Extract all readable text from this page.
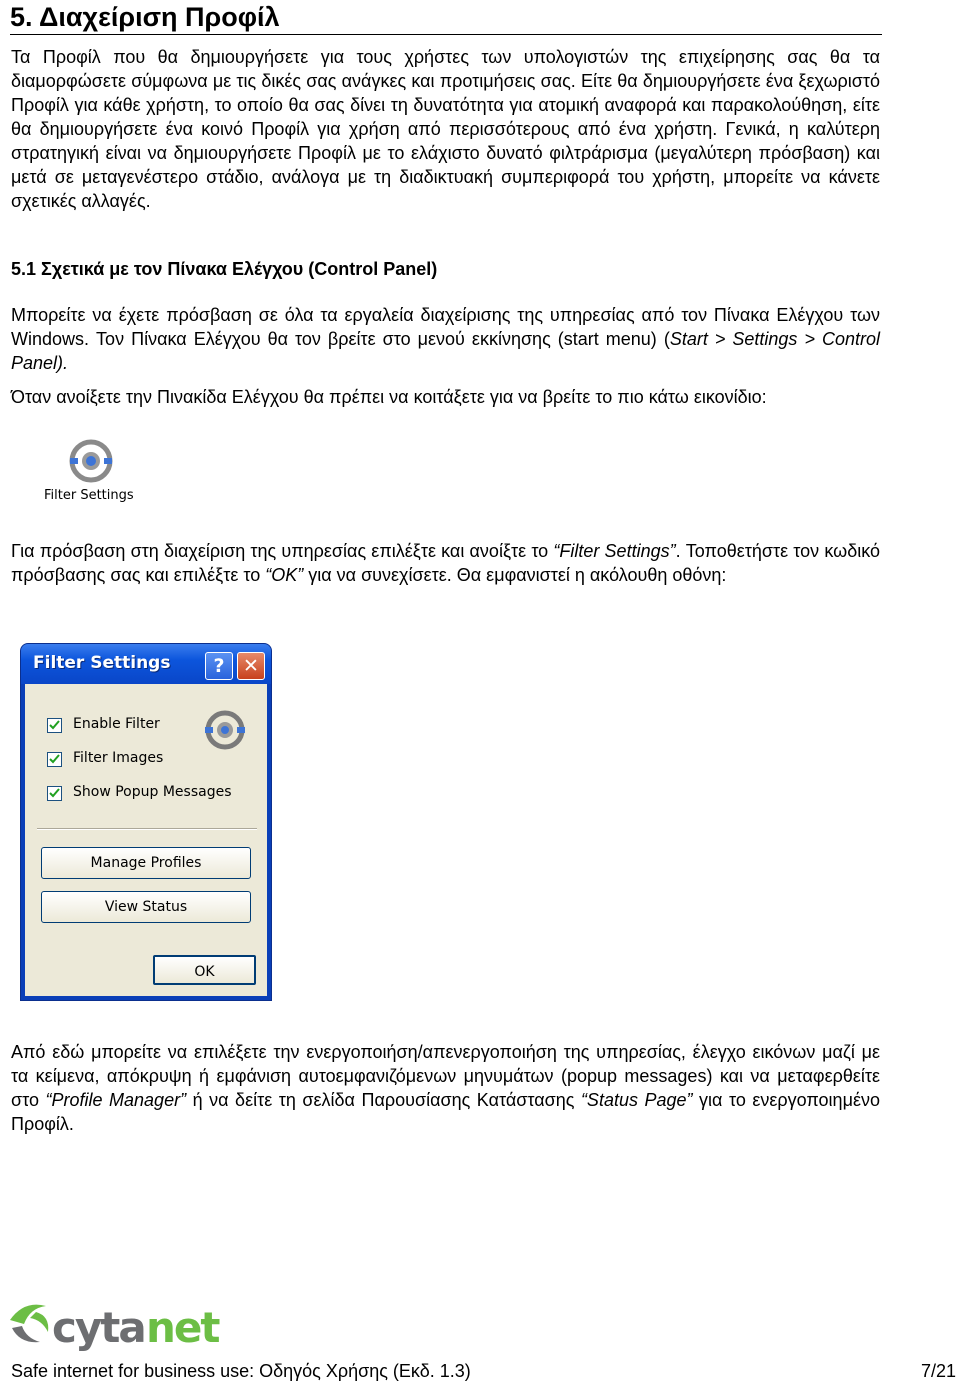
5. Διαχείριση Προφίλ

Τα Προφίλ που θα δημιουργήσετε για τους χρήστες των υπολογιστών της επιχείρησης σας θα τα διαμορφώσετε σύμφωνα με τις δικές σας ανάγκες και προτιμήσεις σας. Είτε θα δημιουργήσετε ένα ξεχωριστό Προφίλ για κάθε χρήστη, το οποίο θα σας δίνει τη δυνατότητα για ατομική αναφορά και παρακολούθηση, είτε θα δημιουργήσετε ένα κοινό Προφίλ για χρήση από περισσότερους από ένα χρήστη. Γενικά, η καλύτερη στρατηγική είναι να δημιουργήσετε Προφίλ με το ελάχιστο δυνατό φιλτράρισμα (μεγαλύτερη πρόσβαση) και μετά σε μεταγενέστερο στάδιο, ανάλογα με τη διαδικτυακή συμπεριφορά του χρήστη, μπορείτε να κάνετε σχετικές αλλαγές.

5.1 Σχετικά με τον Πίνακα Ελέγχου (Control Panel)

Μπορείτε να έχετε πρόσβαση σε όλα τα εργαλεία διαχείρισης της υπηρεσίας από τον Πίνακα Ελέγχου των Windows. Τον Πίνακα Ελέγχου θα τον βρείτε στο μενού εκκίνησης (start menu) (Start > Settings > Control Panel).

Όταν ανοίξετε την Πινακίδα Ελέγχου θα πρέπει να κοιτάξετε για να βρείτε το πιο κάτω εικονίδιο:

Filter Settings

Για πρόσβαση στη διαχείριση της υπηρεσίας επιλέξτε και ανοίξτε το “Filter Settings”. Τοποθετήστε τον κωδικό πρόσβασης σας και επιλέξτε το “OK” για να συνεχίσετε. Θα εμφανιστεί η ακόλουθη οθόνη:

Filter Settings	? ✕
Enable Filter
Filter Images
Show Popup Messages
Manage Profiles
View Status
OK

Από εδώ μπορείτε να επιλέξετε την ενεργοποιήση/απενεργοποιήση της υπηρεσίας, έλεγχο εικόνων μαζί με τα κείμενα, απόκρυψη ή εμφάνιση αυτοεμφανιζόμενων μηνυμάτων (popup messages) και να μεταφερθείτε στο “Profile Manager” ή να δείτε τη σελίδα Παρουσίασης Κατάστασης “Status Page” για το ενεργοποιημένο Προφίλ.

cyta net
Safe internet for business use: Οδηγός Χρήσης (Εκδ. 1.3)	7/21
